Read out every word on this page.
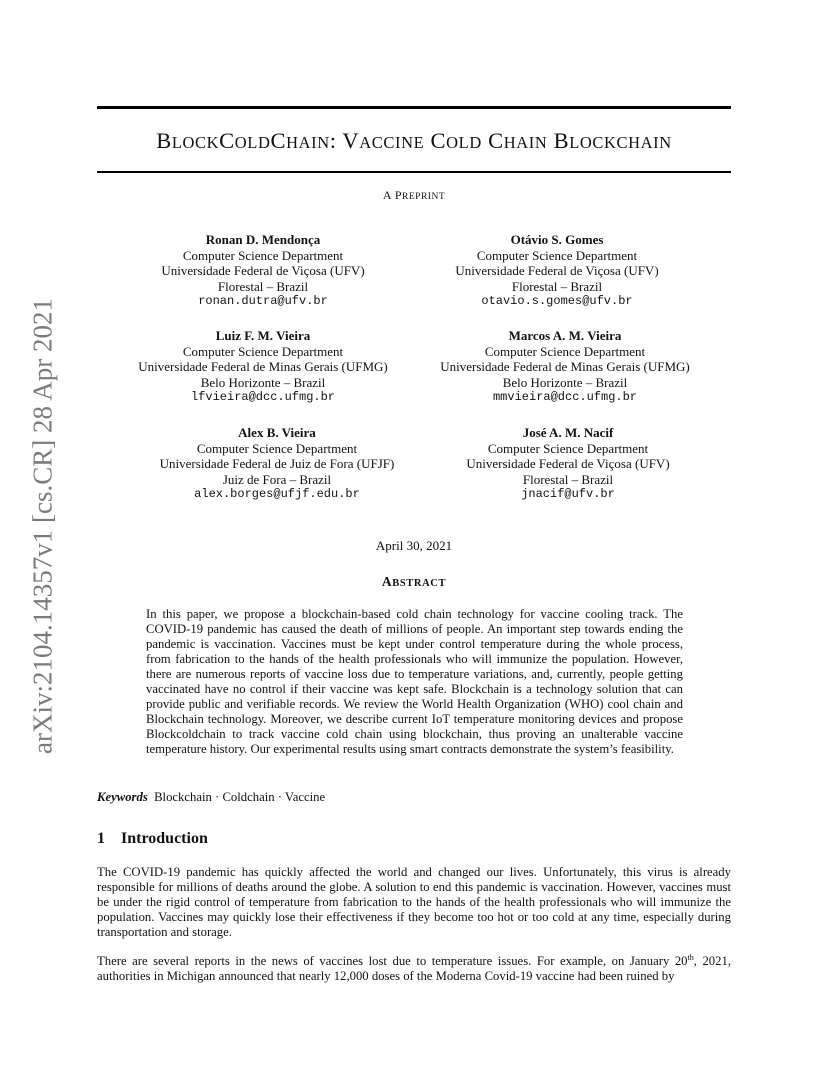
arXiv:2104.14357v1 [cs.CR] 28 Apr 2021
BLOCKCOLDCHAIN: VACCINE COLD CHAIN BLOCKCHAIN
A PREPRINT
Ronan D. Mendonça
Computer Science Department
Universidade Federal de Viçosa (UFV)
Florestal – Brazil
ronan.dutra@ufv.br
Otávio S. Gomes
Computer Science Department
Universidade Federal de Viçosa (UFV)
Florestal – Brazil
otavio.s.gomes@ufv.br
Luiz F. M. Vieira
Computer Science Department
Universidade Federal de Minas Gerais (UFMG)
Belo Horizonte – Brazil
lfvieira@dcc.ufmg.br
Marcos A. M. Vieira
Computer Science Department
Universidade Federal de Minas Gerais (UFMG)
Belo Horizonte – Brazil
mmvieira@dcc.ufmg.br
Alex B. Vieira
Computer Science Department
Universidade Federal de Juiz de Fora (UFJF)
Juiz de Fora – Brazil
alex.borges@ufjf.edu.br
José A. M. Nacif
Computer Science Department
Universidade Federal de Viçosa (UFV)
Florestal – Brazil
jnacif@ufv.br
April 30, 2021
ABSTRACT
In this paper, we propose a blockchain-based cold chain technology for vaccine cooling track. The COVID-19 pandemic has caused the death of millions of people. An important step towards ending the pandemic is vaccination. Vaccines must be kept under control temperature during the whole process, from fabrication to the hands of the health professionals who will immunize the population. However, there are numerous reports of vaccine loss due to temperature variations, and, currently, people getting vaccinated have no control if their vaccine was kept safe. Blockchain is a technology solution that can provide public and verifiable records. We review the World Health Organization (WHO) cool chain and Blockchain technology. Moreover, we describe current IoT temperature monitoring devices and propose Blockcoldchain to track vaccine cold chain using blockchain, thus proving an unalterable vaccine temperature history. Our experimental results using smart contracts demonstrate the system’s feasibility.
Keywords Blockchain · Coldchain · Vaccine
1 Introduction

The COVID-19 pandemic has quickly affected the world and changed our lives. Unfortunately, this virus is already responsible for millions of deaths around the globe. A solution to end this pandemic is vaccination. However, vaccines must be under the rigid control of temperature from fabrication to the hands of the health professionals who will immunize the population. Vaccines may quickly lose their effectiveness if they become too hot or too cold at any time, especially during transportation and storage.

There are several reports in the news of vaccines lost due to temperature issues. For example, on January 20th, 2021, authorities in Michigan announced that nearly 12,000 doses of the Moderna Covid-19 vaccine had been ruined by
